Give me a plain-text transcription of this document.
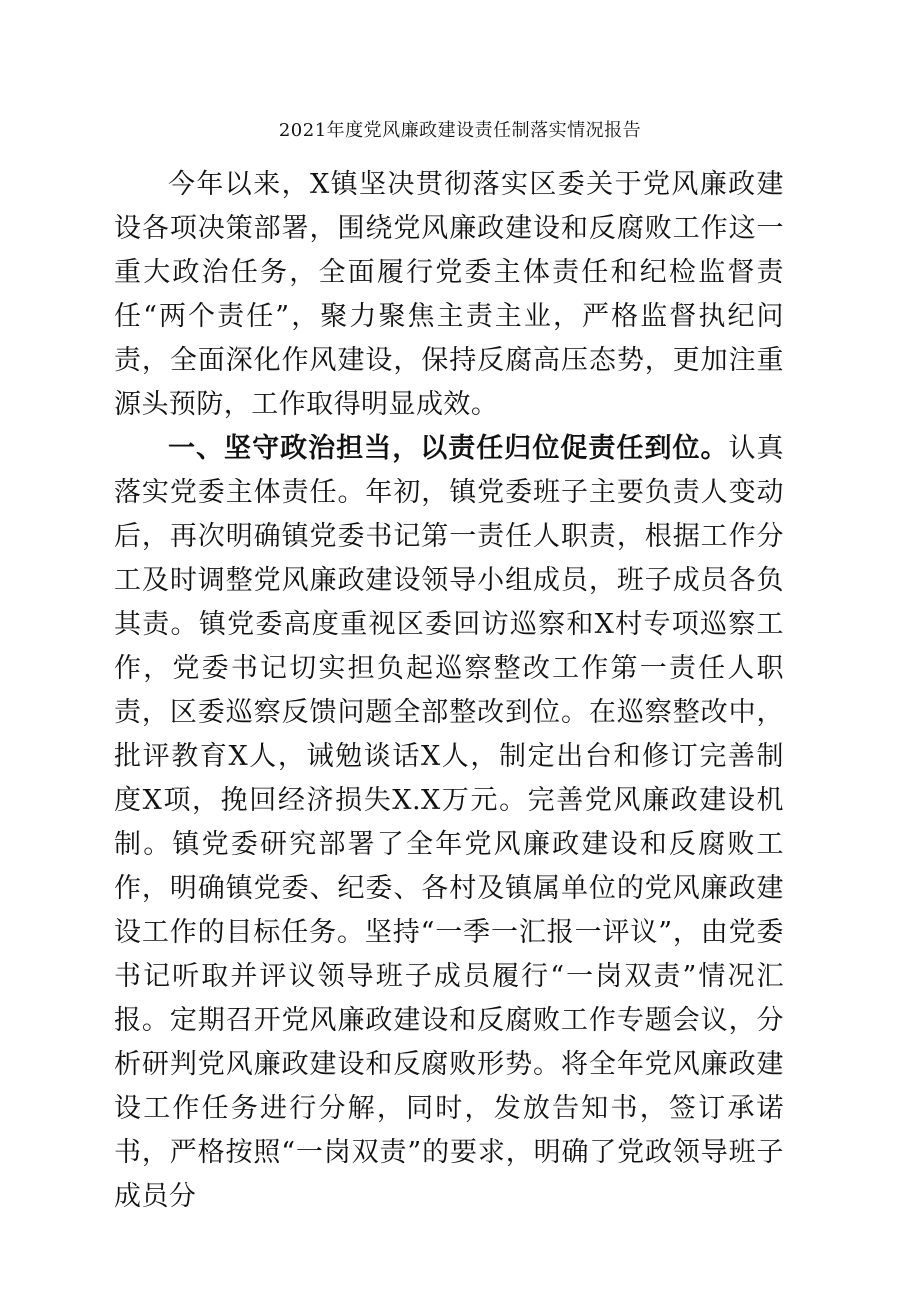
2021年度党风廉政建设责任制落实情况报告

今年以来，X镇坚决贯彻落实区委关于党风廉政建设各项决策部署，围绕党风廉政建设和反腐败工作这一重大政治任务，全面履行党委主体责任和纪检监督责任“两个责任”，聚力聚焦主责主业，严格监督执纪问责，全面深化作风建设，保持反腐高压态势，更加注重源头预防，工作取得明显成效。

一、坚守政治担当，以责任归位促责任到位。认真落实党委主体责任。年初，镇党委班子主要负责人变动后，再次明确镇党委书记第一责任人职责，根据工作分工及时调整党风廉政建设领导小组成员，班子成员各负其责。镇党委高度重视区委回访巡察和X村专项巡察工作，党委书记切实担负起巡察整改工作第一责任人职责，区委巡察反馈问题全部整改到位。在巡察整改中，批评教育X人，诫勉谈话X人，制定出台和修订完善制度X项，挽回经济损失X.X万元。完善党风廉政建设机制。镇党委研究部署了全年党风廉政建设和反腐败工作，明确镇党委、纪委、各村及镇属单位的党风廉政建设工作的目标任务。坚持“一季一汇报一评议”，由党委书记听取并评议领导班子成员履行“一岗双责”情况汇报。定期召开党风廉政建设和反腐败工作专题会议，分析研判党风廉政建设和反腐败形势。将全年党风廉政建设工作任务进行分解，同时，发放告知书，签订承诺书，严格按照“一岗双责”的要求，明确了党政领导班子成员分
